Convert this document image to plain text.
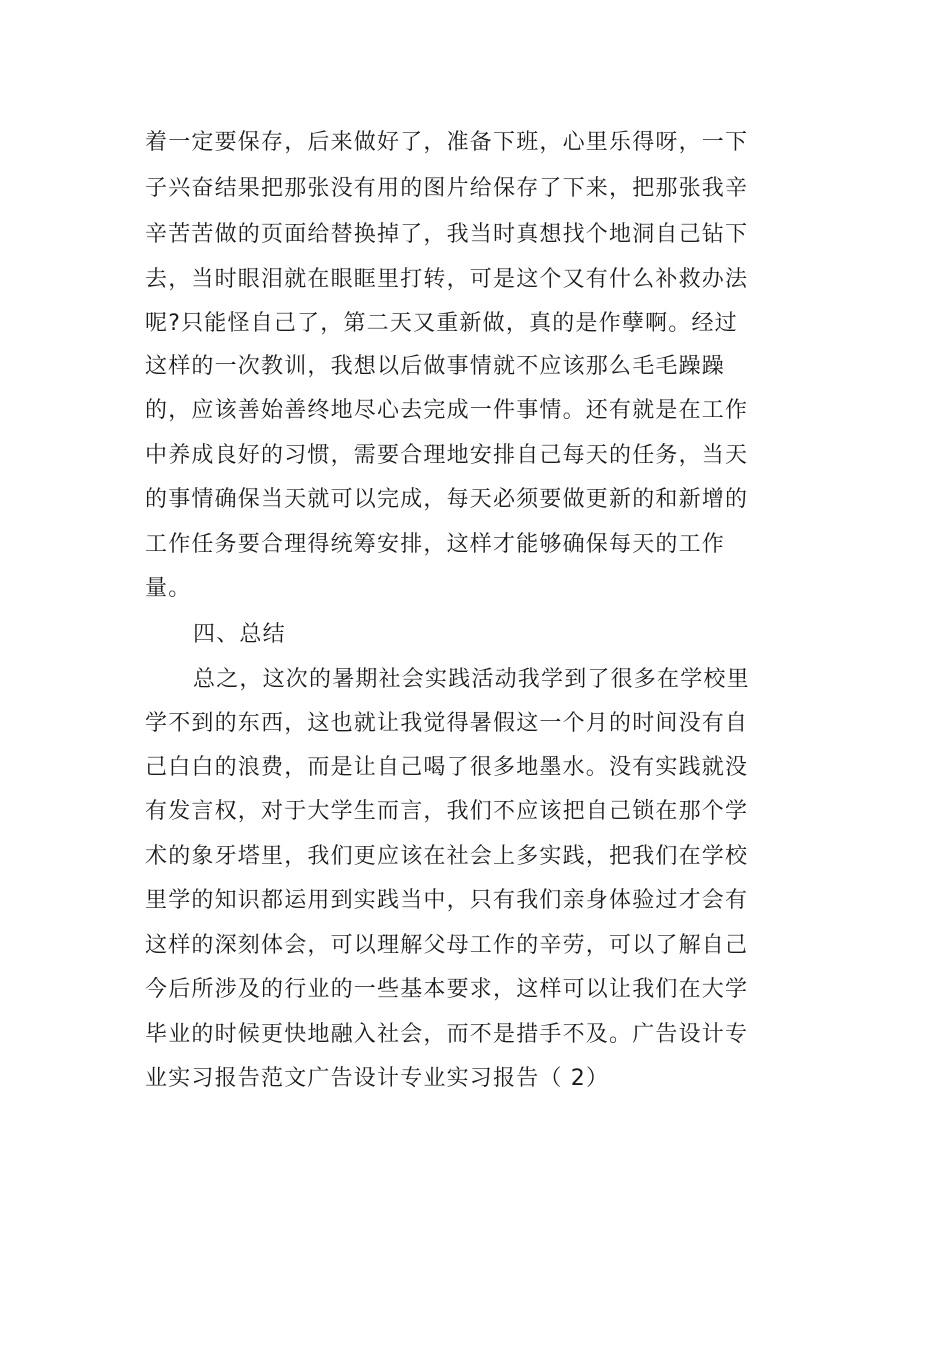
着一定要保存，后来做好了，准备下班，心里乐得呀，一下
子兴奋结果把那张没有用的图片给保存了下来，把那张我辛
辛苦苦做的页面给替换掉了，我当时真想找个地洞自己钻下
去，当时眼泪就在眼眶里打转，可是这个又有什么补救办法
呢?只能怪自己了，第二天又重新做，真的是作孽啊。经过
这样的一次教训，我想以后做事情就不应该那么毛毛躁躁
的，应该善始善终地尽心去完成一件事情。还有就是在工作
中养成良好的习惯，需要合理地安排自己每天的任务，当天
的事情确保当天就可以完成，每天必须要做更新的和新增的
工作任务要合理得统筹安排，这样才能够确保每天的工作
量。
四、总结
总之，这次的暑期社会实践活动我学到了很多在学校里
学不到的东西，这也就让我觉得暑假这一个月的时间没有自
己白白的浪费，而是让自己喝了很多地墨水。没有实践就没
有发言权，对于大学生而言，我们不应该把自己锁在那个学
术的象牙塔里，我们更应该在社会上多实践，把我们在学校
里学的知识都运用到实践当中，只有我们亲身体验过才会有
这样的深刻体会，可以理解父母工作的辛劳，可以了解自己
今后所涉及的行业的一些基本要求，这样可以让我们在大学
毕业的时候更快地融入社会，而不是措手不及。广告设计专
业实习报告范文广告设计专业实习报告（ 2）
